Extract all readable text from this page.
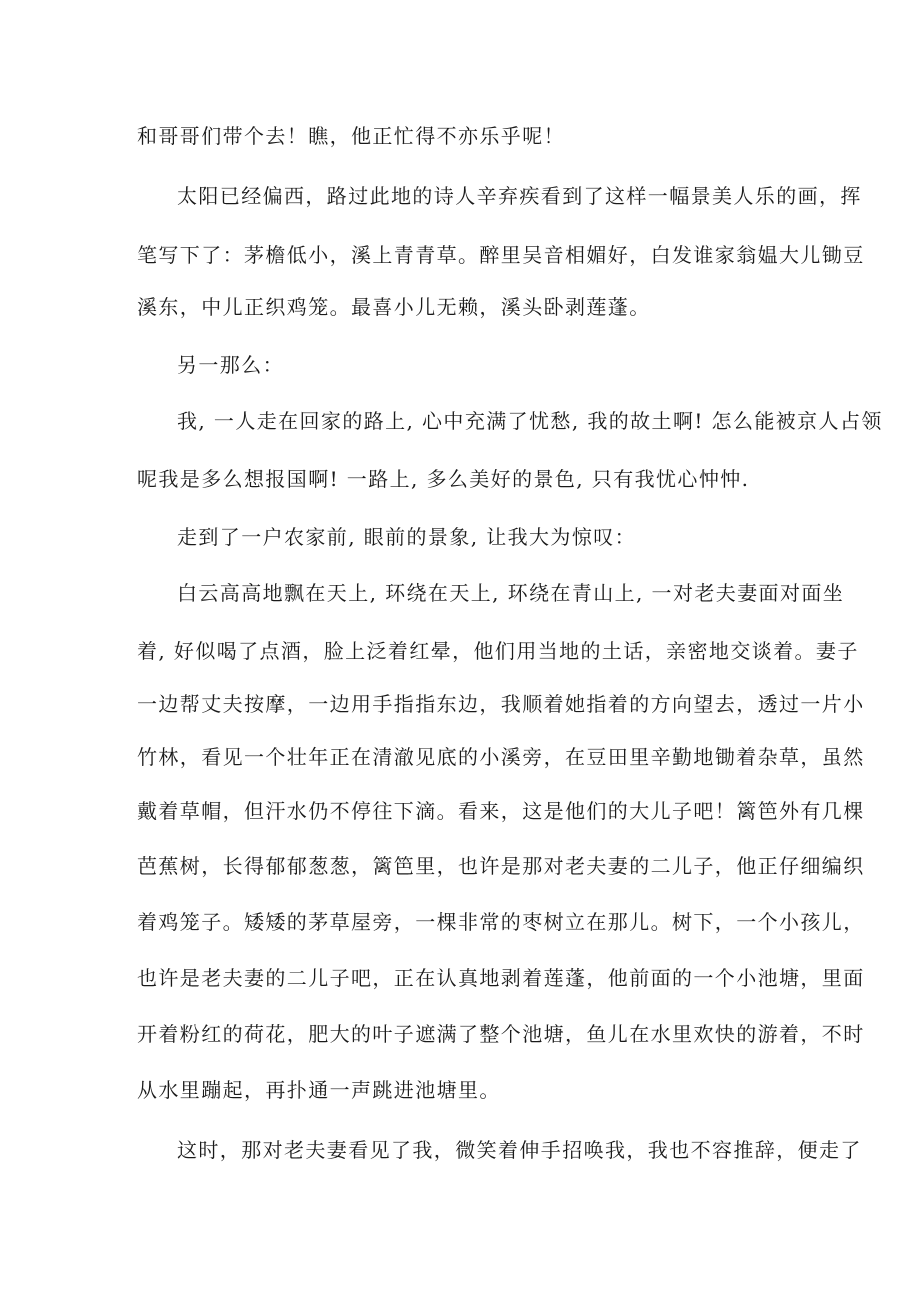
和哥哥们带个去！瞧，他正忙得不亦乐乎呢！

太阳已经偏西，路过此地的诗人辛弃疾看到了这样一幅景美人乐的画，挥

笔写下了：茅檐低小，溪上青青草。醉里吴音相媚好，白发谁家翁媪大儿锄豆

溪东，中儿正织鸡笼。最喜小儿无赖，溪头卧剥莲蓬。

另一那么：

我, 一人走在回家的路上, 心中充满了忧愁, 我的故土啊! 怎么能被京人占领

呢我是多么想报国啊! 一路上, 多么美好的景色, 只有我忧心忡忡.

走到了一户农家前, 眼前的景象, 让我大为惊叹：

白云高高地飘在天上, 环绕在天上, 环绕在青山上, 一对老夫妻面对面坐

着, 好似喝了点酒，脸上泛着红晕，他们用当地的土话，亲密地交谈着。妻子

一边帮丈夫按摩，一边用手指指东边，我顺着她指着的方向望去，透过一片小

竹林，看见一个壮年正在清澈见底的小溪旁，在豆田里辛勤地锄着杂草，虽然

戴着草帽，但汗水仍不停往下滴。看来，这是他们的大儿子吧！篱笆外有几棵

芭蕉树，长得郁郁葱葱，篱笆里，也许是那对老夫妻的二儿子，他正仔细编织

着鸡笼子。矮矮的茅草屋旁，一棵非常的枣树立在那儿。树下，一个小孩儿，

也许是老夫妻的二儿子吧，正在认真地剥着莲蓬，他前面的一个小池塘，里面

开着粉红的荷花，肥大的叶子遮满了整个池塘，鱼儿在水里欢快的游着，不时

从水里蹦起，再扑通一声跳进池塘里。

这时，那对老夫妻看见了我，微笑着伸手招唤我，我也不容推辞，便走了
